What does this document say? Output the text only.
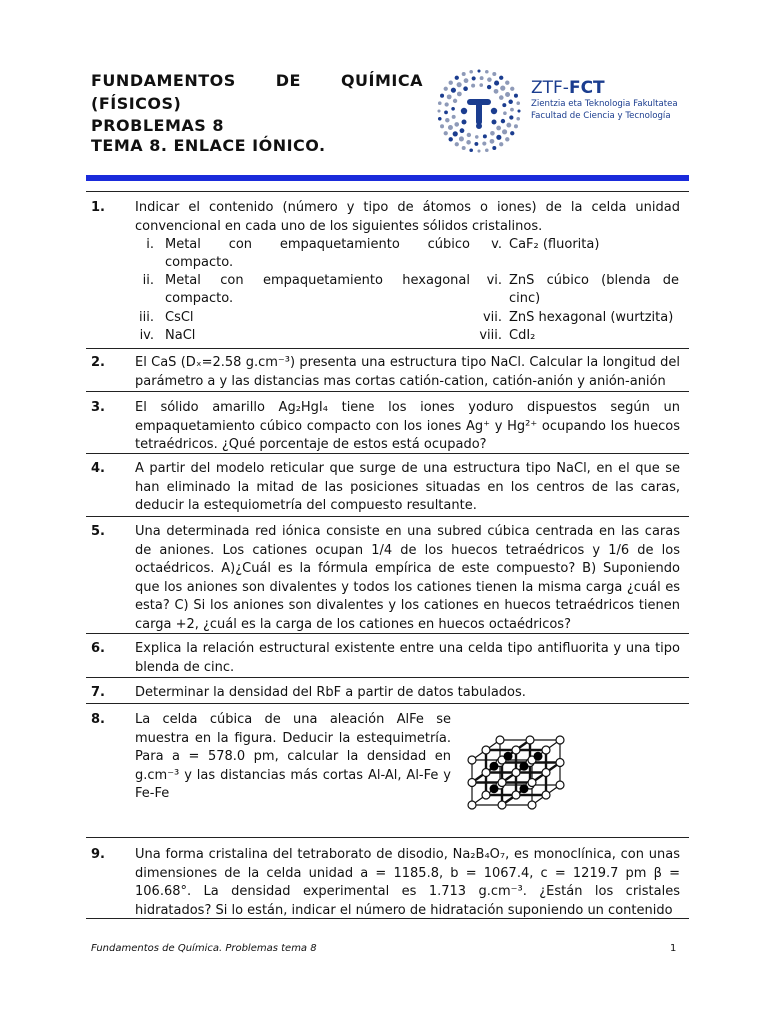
FUNDAMENTOS DE QUÍMICA
(FÍSICOS)
PROBLEMAS 8
TEMA 8. ENLACE IÓNICO.
ZTF-FCT
Zientzia eta Teknologia Fakultatea
Facultad de Ciencia y Tecnología
1. Indicar el contenido (número y tipo de átomos o iones) de la celda unidad convencional en cada uno de los siguientes sólidos cristalinos.
i. Metal con empaquetamiento cúbico compacto.
ii. Metal con empaquetamiento hexagonal compacto.
iii. CsCl
iv. NaCl
v. CaF₂ (fluorita)
vi. ZnS cúbico (blenda de cinc)
vii. ZnS hexagonal (wurtzita)
viii. CdI₂
2. El CaS (Dₓ=2.58 g.cm⁻³) presenta una estructura tipo NaCl. Calcular la longitud del parámetro a y las distancias mas cortas catión-cation, catión-anión y anión-anión
3. El sólido amarillo Ag₂HgI₄ tiene los iones yoduro dispuestos según un empaquetamiento cúbico compacto con los iones Ag⁺ y Hg²⁺ ocupando los huecos tetraédricos. ¿Qué porcentaje de estos está ocupado?
4. A partir del modelo reticular que surge de una estructura tipo NaCl, en el que se han eliminado la mitad de las posiciones situadas en los centros de las caras, deducir la estequiometría del compuesto resultante.
5. Una determinada red iónica consiste en una subred cúbica centrada en las caras de aniones. Los cationes ocupan 1/4 de los huecos tetraédricos y 1/6 de los octaédricos. A)¿Cuál es la fórmula empírica de este compuesto? B) Suponiendo que los aniones son divalentes y todos los cationes tienen la misma carga ¿cuál es esta? C) Si los aniones son divalentes y los cationes en huecos tetraédricos tienen carga +2, ¿cuál es la carga de los cationes en huecos octaédricos?
6. Explica la relación estructural existente entre una celda tipo antifluorita y una tipo blenda de cinc.
7. Determinar la densidad del RbF a partir de datos tabulados.
8. La celda cúbica de una aleación AlFe se muestra en la figura. Deducir la estequimetría. Para a = 578.0 pm, calcular la densidad en g.cm⁻³ y las distancias más cortas Al-Al, Al-Fe y Fe-Fe
9. Una forma cristalina del tetraborato de disodio, Na₂B₄O₇, es monoclínica, con unas dimensiones de la celda unidad a = 1185.8, b = 1067.4, c = 1219.7 pm β = 106.68°. La densidad experimental es 1.713 g.cm⁻³. ¿Están los cristales hidratados? Si lo están, indicar el número de hidratación suponiendo un contenido
Fundamentos de Química. Problemas tema 8	1
